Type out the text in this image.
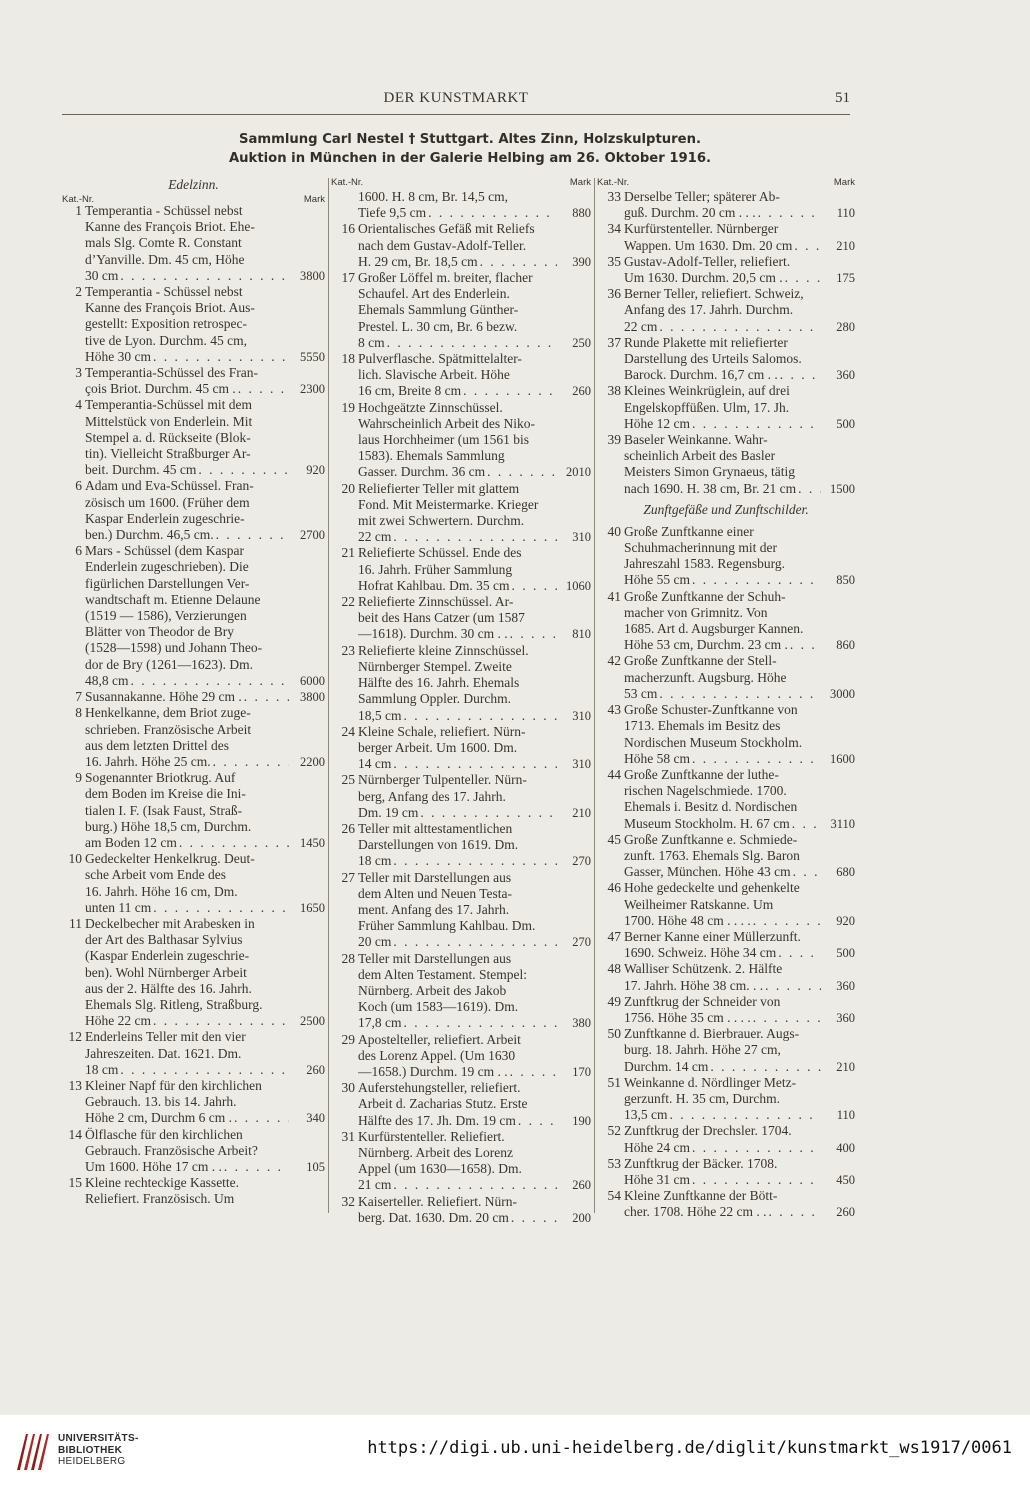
DER KUNSTMARKT	51
Sammlung Carl Nestel † Stuttgart. Altes Zinn, Holzskulpturen.
Auktion in München in der Galerie Helbing am 26. Oktober 1916.
Edelzinn.
Kat.-Nr.	Mark
1 Temperantia - Schüssel nebst
Kanne des François Briot. Ehe-
mals Slg. Comte R. Constant
d’Yanville. Dm. 45 cm, Höhe
30 cm . . .	3800
2 Temperantia - Schüssel nebst
Kanne des François Briot. Aus-
gestellt: Exposition retrospec-
tive de Lyon. Durchm. 45 cm,
Höhe 30 cm . . .	5550
3 Temperantia-Schüssel des Fran-
çois Briot. Durchm. 45 cm . . . .	2300
4 Temperantia-Schüssel mit dem
Mittelstück von Enderlein. Mit
Stempel a. d. Rückseite (Blok-
tin). Vielleicht Straßburger Ar-
beit. Durchm. 45 cm . . .	920
6 Adam und Eva-Schüssel. Fran-
zösisch um 1600. (Früher dem
Kaspar Enderlein zugeschrie-
ben.) Durchm. 46,5 cm. . . .	2700
6 Mars - Schüssel (dem Kaspar
Enderlein zugeschrieben). Die
figürlichen Darstellungen Ver-
wandtschaft m. Etienne Delaune
(1519 — 1586), Verzierungen
Blätter von Theodor de Bry
(1528—1598) und Johann Theo-
dor de Bry (1261—1623). Dm.
48,8 cm . . .	6000
7 Susannakanne. Höhe 29 cm . . . .	3800
8 Henkelkanne, dem Briot zuge-
schrieben. Französische Arbeit
aus dem letzten Drittel des
16. Jahrh. Höhe 25 cm. . . .	2200
9 Sogenannter Briotkrug. Auf
dem Boden im Kreise die Ini-
tialen I. F. (Isak Faust, Straß-
burg.) Höhe 18,5 cm, Durchm.
am Boden 12 cm . . .	1450
10 Gedeckelter Henkelkrug. Deut-
sche Arbeit vom Ende des
16. Jahrh. Höhe 16 cm, Dm.
unten 11 cm . . .	1650
11 Deckelbecher mit Arabesken in
der Art des Balthasar Sylvius
(Kaspar Enderlein zugeschrie-
ben). Wohl Nürnberger Arbeit
aus der 2. Hälfte des 16. Jahrh.
Ehemals Slg. Ritleng, Straßburg.
Höhe 22 cm . . .	2500
12 Enderleins Teller mit den vier
Jahreszeiten. Dat. 1621. Dm.
18 cm . . .	260
13 Kleiner Napf für den kirchlichen
Gebrauch. 13. bis 14. Jahrh.
Höhe 2 cm, Durchm 6 cm . . . .	340
14 Ölflasche für den kirchlichen
Gebrauch. Französische Arbeit?
Um 1600. Höhe 17 cm . . . . .	105
15 Kleine rechteckige Kassette.
Reliefiert. Französisch. Um
Kat.-Nr.	Mark
1600. H. 8 cm, Br. 14,5 cm,
Tiefe 9,5 cm . . .	880
16 Orientalisches Gefäß mit Reliefs
nach dem Gustav-Adolf-Teller.
H. 29 cm, Br. 18,5 cm . . .	390
17 Großer Löffel m. breiter, flacher
Schaufel. Art des Enderlein.
Ehemals Sammlung Günther-
Prestel. L. 30 cm, Br. 6 bezw.
8 cm . . .	250
18 Pulverflasche. Spätmittelalter-
lich. Slavische Arbeit. Höhe
16 cm, Breite 8 cm . . .	260
19 Hochgeätzte Zinnschüssel.
Wahrscheinlich Arbeit des Niko-
laus Horchheimer (um 1561 bis
1583). Ehemals Sammlung
Gasser. Durchm. 36 cm . . .	2010
20 Reliefierter Teller mit glattem
Fond. Mit Meistermarke. Krieger
mit zwei Schwertern. Durchm.
22 cm . . .	310
21 Reliefierte Schüssel. Ende des
16. Jahrh. Früher Sammlung
Hofrat Kahlbau. Dm. 35 cm . . .	1060
22 Reliefierte Zinnschüssel. Ar-
beit des Hans Catzer (um 1587
—1618). Durchm. 30 cm . . . . .	810
23 Reliefierte kleine Zinnschüssel.
Nürnberger Stempel. Zweite
Hälfte des 16. Jahrh. Ehemals
Sammlung Oppler. Durchm.
18,5 cm . . .	310
24 Kleine Schale, reliefiert. Nürn-
berger Arbeit. Um 1600. Dm.
14 cm . . .	310
25 Nürnberger Tulpenteller. Nürn-
berg, Anfang des 17. Jahrh.
Dm. 19 cm . . .	210
26 Teller mit alttestamentlichen
Darstellungen von 1619. Dm.
18 cm . . .	270
27 Teller mit Darstellungen aus
dem Alten und Neuen Testa-
ment. Anfang des 17. Jahrh.
Früher Sammlung Kahlbau. Dm.
20 cm . . .	270
28 Teller mit Darstellungen aus
dem Alten Testament. Stempel:
Nürnberg. Arbeit des Jakob
Koch (um 1583—1619). Dm.
17,8 cm . . .	380
29 Apostelteller, reliefiert. Arbeit
des Lorenz Appel. (Um 1630
—1658.) Durchm. 19 cm . . . . .	170
30 Auferstehungsteller, reliefiert.
Arbeit d. Zacharias Stutz. Erste
Hälfte des 17. Jh. Dm. 19 cm . . .	190
31 Kurfürstenteller. Reliefiert.
Nürnberg. Arbeit des Lorenz
Appel (um 1630—1658). Dm.
21 cm . . .	260
32 Kaiserteller. Reliefiert. Nürn-
berg. Dat. 1630. Dm. 20 cm . . .	200
Kat.-Nr.	Mark
33 Derselbe Teller; späterer Ab-
guß. Durchm. 20 cm . . . . . .	110
34 Kurfürstenteller. Nürnberger
Wappen. Um 1630. Dm. 20 cm . . .	210
35 Gustav-Adolf-Teller, reliefiert.
Um 1630. Durchm. 20,5 cm . . . .	175
36 Berner Teller, reliefiert. Schweiz,
Anfang des 17. Jahrh. Durchm.
22 cm . . .	280
37 Runde Plakette mit reliefierter
Darstellung des Urteils Salomos.
Barock. Durchm. 16,7 cm . . . . .	360
38 Kleines Weinkrüglein, auf drei
Engelskopffüßen. Ulm, 17. Jh.
Höhe 12 cm . . .	500
39 Baseler Weinkanne. Wahr-
scheinlich Arbeit des Basler
Meisters Simon Grynaeus, tätig
nach 1690. H. 38 cm, Br. 21 cm . . .	1500
Zunftgefäße und Zunftschilder.
40 Große Zunftkanne einer
Schuhmacherinnung mit der
Jahreszahl 1583. Regensburg.
Höhe 55 cm . . .	850
41 Große Zunftkanne der Schuh-
macher von Grimnitz. Von
1685. Art d. Augsburger Kannen.
Höhe 53 cm, Durchm. 23 cm . . . .	860
42 Große Zunftkanne der Stell-
macherzunft. Augsburg. Höhe
53 cm . . .	3000
43 Große Schuster-Zunftkanne von
1713. Ehemals im Besitz des
Nordischen Museum Stockholm.
Höhe 58 cm . . .	1600
44 Große Zunftkanne der luthe-
rischen Nagelschmiede. 1700.
Ehemals i. Besitz d. Nordischen
Museum Stockholm. H. 67 cm . . .	3110
45 Große Zunftkanne e. Schmiede-
zunft. 1763. Ehemals Slg. Baron
Gasser, München. Höhe 43 cm . . .	680
46 Hohe gedeckelte und gehenkelte
Weilheimer Ratskanne. Um
1700. Höhe 48 cm . . . . . . .	920
47 Berner Kanne einer Müllerzunft.
1690. Schweiz. Höhe 34 cm . . .	500
48 Walliser Schützenk. 2. Hälfte
17. Jahrh. Höhe 38 cm. . . . . .	360
49 Zunftkrug der Schneider von
1756. Höhe 35 cm . . . . . . .	360
50 Zunftkanne d. Bierbrauer. Augs-
burg. 18. Jahrh. Höhe 27 cm,
Durchm. 14 cm . . .	210
51 Weinkanne d. Nördlinger Metz-
gerzunft. H. 35 cm, Durchm.
13,5 cm . . .	110
52 Zunftkrug der Drechsler. 1704.
Höhe 24 cm . . .	400
53 Zunftkrug der Bäcker. 1708.
Höhe 31 cm . . .	450
54 Kleine Zunftkanne der Bött-
cher. 1708. Höhe 22 cm . . . . .	260
UNIVERSITÄTS-
BIBLIOTHEK
HEIDELBERG
https://digi.ub.uni-heidelberg.de/diglit/kunstmarkt_ws1917/0061
